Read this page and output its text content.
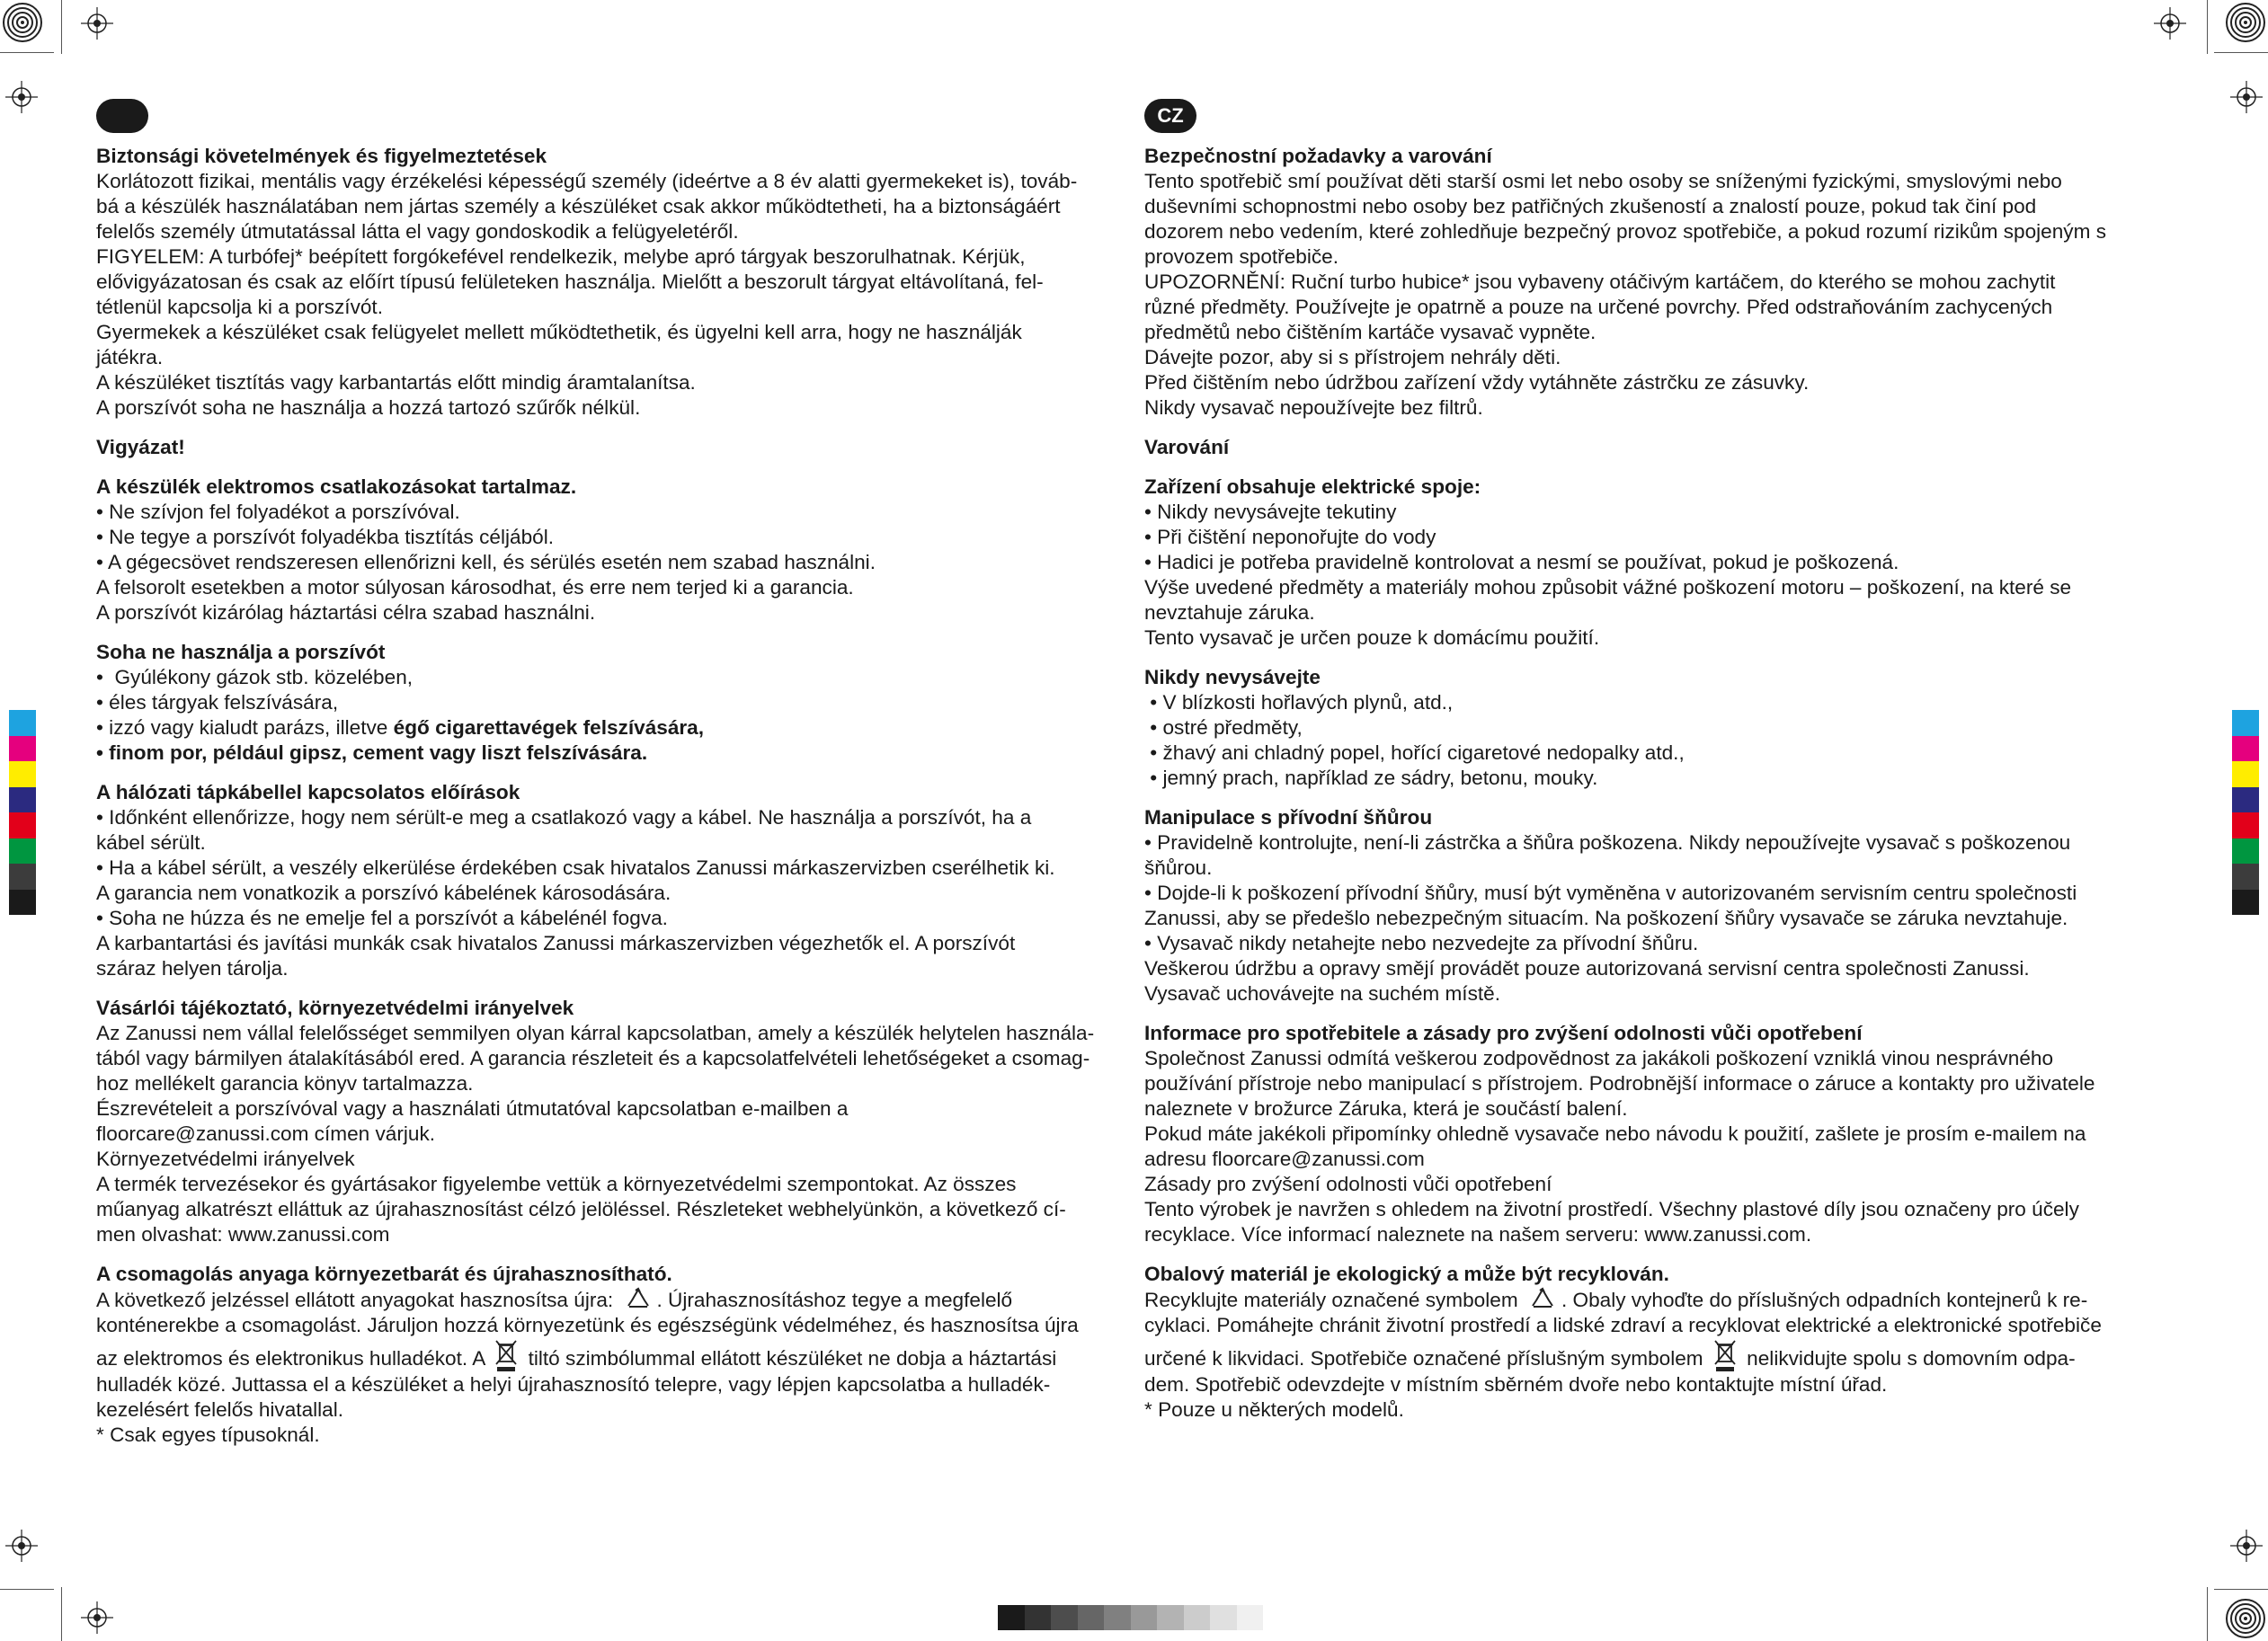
CZ
Biztonsági követelmények és figyelmeztetések
Korlátozott fizikai, mentális vagy érzékelési képességű személy (ideértve a 8 év alatti gyermekeket is), továb-
bá a készülék használatában nem jártas személy a készüléket csak akkor működtetheti, ha a biztonságáért
felelős személy útmutatással látta el vagy gondoskodik a felügyeletéről.
FIGYELEM: A turbófej* beépített forgókefével rendelkezik, melybe apró tárgyak beszorulhatnak. Kérjük,
elővigyázatosan és csak az előírt típusú felületeken használja. Mielőtt a beszorult tárgyat eltávolítaná, fel-
tétlenül kapcsolja ki a porszívót.
Gyermekek a készüléket csak felügyelet mellett működtethetik, és ügyelni kell arra, hogy ne használják
játékra.
A készüléket tisztítás vagy karbantartás előtt mindig áramtalanítsa.
A porszívót soha ne használja a hozzá tartozó szűrők nélkül.
Vigyázat!
A készülék elektromos csatlakozásokat tartalmaz.
• Ne szívjon fel folyadékot a porszívóval.
• Ne tegye a porszívót folyadékba tisztítás céljából.
• A gégecsövet rendszeresen ellenőrizni kell, és sérülés esetén nem szabad használni.
A felsorolt esetekben a motor súlyosan károsodhat, és erre nem terjed ki a garancia.
A porszívót kizárólag háztartási célra szabad használni.
Soha ne használja a porszívót
•  Gyúlékony gázok stb. közelében,
• éles tárgyak felszívására,
• izzó vagy kialudt parázs, illetve égő cigarettavégek felszívására,
• finom por, például gipsz, cement vagy liszt felszívására.
A hálózati tápkábellel kapcsolatos előírások
• Időnként ellenőrizze, hogy nem sérült-e meg a csatlakozó vagy a kábel. Ne használja a porszívót, ha a
kábel sérült.
• Ha a kábel sérült, a veszély elkerülése érdekében csak hivatalos Zanussi márkaszervizben cserélhetik ki.
A garancia nem vonatkozik a porszívó kábelének károsodására.
• Soha ne húzza és ne emelje fel a porszívót a kábelénél fogva.
A karbantartási és javítási munkák csak hivatalos Zanussi márkaszervizben végezhetők el. A porszívót
száraz helyen tárolja.
Vásárlói tájékoztató, környezetvédelmi irányelvek
Az Zanussi nem vállal felelősséget semmilyen olyan kárral kapcsolatban, amely a készülék helytelen használa-
tából vagy bármilyen átalakításából ered. A garancia részleteit és a kapcsolatfelvételi lehetőségeket a csomag-
hoz mellékelt garancia könyv tartalmazza.
Észrevételeit a porszívóval vagy a használati útmutatóval kapcsolatban e-mailben a
floorcare@zanussi.com címen várjuk.
Környezetvédelmi irányelvek
A termék tervezésekor és gyártásakor figyelembe vettük a környezetvédelmi szempontokat. Az összes
műanyag alkatrészt elláttuk az újrahasznosítást célzó jelöléssel. Részleteket webhelyünkön, a következő cí-
men olvashat: www.zanussi.com
A csomagolás anyaga környezetbarát és újrahasznosítható.
A következő jelzéssel ellátott anyagokat hasznosítsa újra: . Újrahasznosításhoz tegye a megfelelő
konténerekbe a csomagolást. Járuljon hozzá környezetünk és egészségünk védelméhez, és hasznosítsa újra
az elektromos és elektronikus hulladékot. A  tiltó szimbólummal ellátott készüléket ne dobja a háztartási
hulladék közé. Juttassa el a készüléket a helyi újrahasznosító telepre, vagy lépjen kapcsolatba a hulladék-
kezelésért felelős hivatallal.
* Csak egyes típusoknál.
Bezpečnostní požadavky a varování
Tento spotřebič smí používat děti starší osmi let nebo osoby se sníženými fyzickými, smyslovými nebo
duševními schopnostmi nebo osoby bez patřičných zkušeností a znalostí pouze, pokud tak činí pod
dozorem nebo vedením, které zohledňuje bezpečný provoz spotřebiče, a pokud rozumí rizikům spojeným s
provozem spotřebiče.
UPOZORNĚNÍ: Ruční turbo hubice* jsou vybaveny otáčivým kartáčem, do kterého se mohou zachytit
různé předměty. Používejte je opatrně a pouze na určené povrchy. Před odstraňováním zachycených
předmětů nebo čištěním kartáče vysavač vypněte.
Dávejte pozor, aby si s přístrojem nehrály děti.
Před čištěním nebo údržbou zařízení vždy vytáhněte zástrčku ze zásuvky.
Nikdy vysavač nepoužívejte bez filtrů.
Varování
Zařízení obsahuje elektrické spoje:
• Nikdy nevysávejte tekutiny
• Při čištění neponořujte do vody
• Hadici je potřeba pravidelně kontrolovat a nesmí se používat, pokud je poškozená.
Výše uvedené předměty a materiály mohou způsobit vážné poškození motoru – poškození, na které se
nevztahuje záruka.
Tento vysavač je určen pouze k domácímu použití.
Nikdy nevysávejte
• V blízkosti hořlavých plynů, atd.,
• ostré předměty,
• žhavý ani chladný popel, hořící cigaretové nedopalky atd.,
• jemný prach, například ze sádry, betonu, mouky.
Manipulace s přívodní šňůrou
• Pravidelně kontrolujte, není-li zástrčka a šňůra poškozena. Nikdy nepoužívejte vysavač s poškozenou
šňůrou.
• Dojde-li k poškození přívodní šňůry, musí být vyměněna v autorizovaném servisním centru společnosti
Zanussi, aby se předešlo nebezpečným situacím. Na poškození šňůry vysavače se záruka nevztahuje.
• Vysavač nikdy netahejte nebo nezvedejte za přívodní šňůru.
Veškerou údržbu a opravy smějí provádět pouze autorizovaná servisní centra společnosti Zanussi.
Vysavač uchovávejte na suchém místě.
Informace pro spotřebitele a zásady pro zvýšení odolnosti vůči opotřebení
Společnost Zanussi odmítá veškerou zodpovědnost za jakákoli poškození vzniklá vinou nesprávného
používání přístroje nebo manipulací s přístrojem. Podrobnější informace o záruce a kontakty pro uživatele
naleznete v brožurce Záruka, která je součástí balení.
Pokud máte jakékoli připomínky ohledně vysavače nebo návodu k použití, zašlete je prosím e-mailem na
adresu floorcare@zanussi.com
Zásady pro zvýšení odolnosti vůči opotřebení
Tento výrobek je navržen s ohledem na životní prostředí. Všechny plastové díly jsou označeny pro účely
recyklace. Více informací naleznete na našem serveru: www.zanussi.com.
Obalový materiál je ekologický a může být recyklován.
Recyklujte materiály označené symbolem . Obaly vyhoďte do příslušných odpadních kontejnerů k re-
cyklaci. Pomáhejte chránit životní prostředí a lidské zdraví a recyklovat elektrické a elektronické spotřebiče
určené k likvidaci. Spotřebiče označené příslušným symbolem  nelikvidujte spolu s domovním odpa-
dem. Spotřebič odevzdejte v místním sběrném dvoře nebo kontaktujte místní úřad.
* Pouze u některých modelů.
